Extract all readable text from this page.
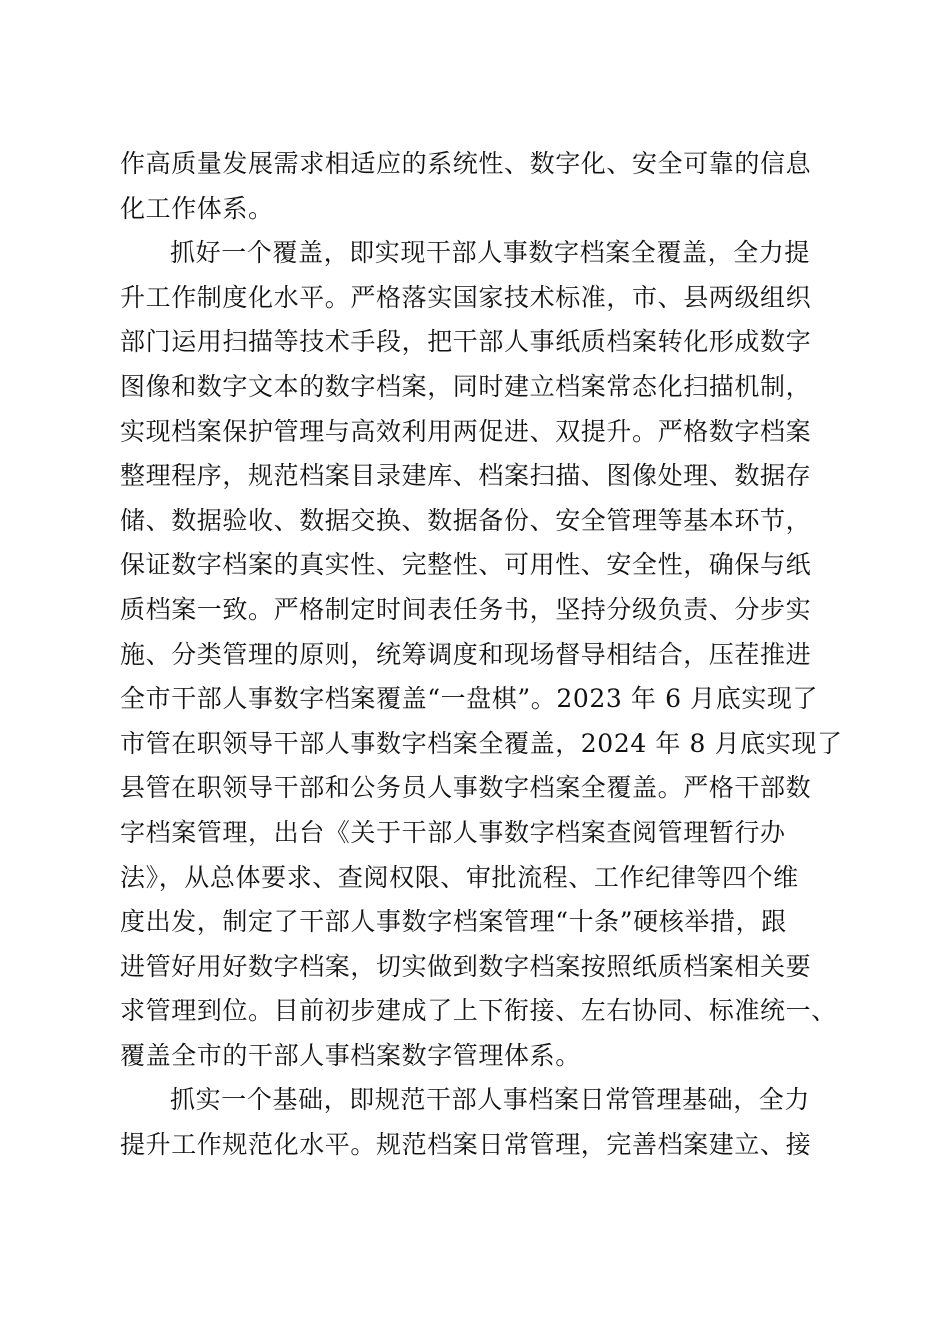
作高质量发展需求相适应的系统性、数字化、安全可靠的信息
化工作体系。
抓好一个覆盖，即实现干部人事数字档案全覆盖，全力提
升工作制度化水平。严格落实国家技术标准，市、县两级组织
部门运用扫描等技术手段，把干部人事纸质档案转化形成数字
图像和数字文本的数字档案，同时建立档案常态化扫描机制，
实现档案保护管理与高效利用两促进、双提升。严格数字档案
整理程序，规范档案目录建库、档案扫描、图像处理、数据存
储、数据验收、数据交换、数据备份、安全管理等基本环节，
保证数字档案的真实性、完整性、可用性、安全性，确保与纸
质档案一致。严格制定时间表任务书，坚持分级负责、分步实
施、分类管理的原则，统筹调度和现场督导相结合，压茬推进
全市干部人事数字档案覆盖“一盘棋”。2023 年 6 月底实现了
市管在职领导干部人事数字档案全覆盖，2024 年 8 月底实现了
县管在职领导干部和公务员人事数字档案全覆盖。严格干部数
字档案管理，出台《关于干部人事数字档案查阅管理暂行办
法》，从总体要求、查阅权限、审批流程、工作纪律等四个维
度出发，制定了干部人事数字档案管理“十条”硬核举措，跟
进管好用好数字档案，切实做到数字档案按照纸质档案相关要
求管理到位。目前初步建成了上下衔接、左右协同、标准统一、
覆盖全市的干部人事档案数字管理体系。
抓实一个基础，即规范干部人事档案日常管理基础，全力
提升工作规范化水平。规范档案日常管理，完善档案建立、接
